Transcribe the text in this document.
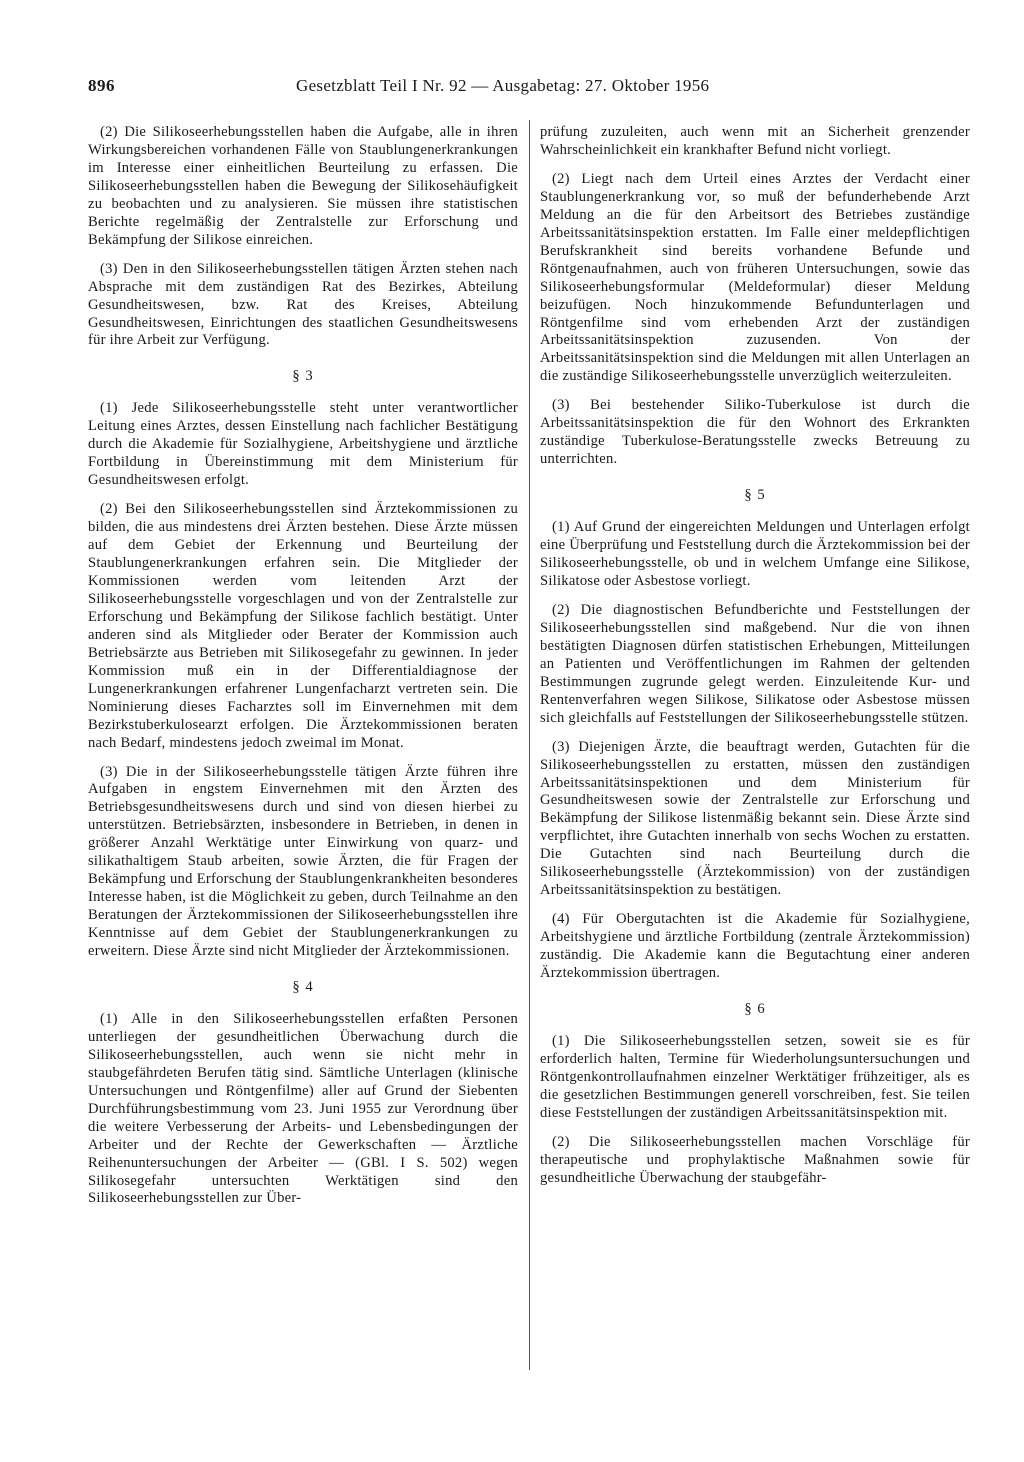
896	Gesetzblatt Teil I Nr. 92 — Ausgabetag: 27. Oktober 1956

(2) Die Silikoseerhebungsstellen haben die Aufgabe, alle in ihren Wirkungsbereichen vorhandenen Fälle von Staublungenerkrankungen im Interesse einer einheitlichen Beurteilung zu erfassen. Die Silikoseerhebungsstellen haben die Bewegung der Silikosehäufigkeit zu beobachten und zu analysieren. Sie müssen ihre statistischen Berichte regelmäßig der Zentralstelle zur Erforschung und Bekämpfung der Silikose einreichen.

(3) Den in den Silikoseerhebungsstellen tätigen Ärzten stehen nach Absprache mit dem zuständigen Rat des Bezirkes, Abteilung Gesundheitswesen, bzw. Rat des Kreises, Abteilung Gesundheitswesen, Einrichtungen des staatlichen Gesundheitswesens für ihre Arbeit zur Verfügung.

§ 3

(1) Jede Silikoseerhebungsstelle steht unter verantwortlicher Leitung eines Arztes, dessen Einstellung nach fachlicher Bestätigung durch die Akademie für Sozialhygiene, Arbeitshygiene und ärztliche Fortbildung in Übereinstimmung mit dem Ministerium für Gesundheitswesen erfolgt.

(2) Bei den Silikoseerhebungsstellen sind Ärztekommissionen zu bilden, die aus mindestens drei Ärzten bestehen. Diese Ärzte müssen auf dem Gebiet der Erkennung und Beurteilung der Staublungenerkrankungen erfahren sein. Die Mitglieder der Kommissionen werden vom leitenden Arzt der Silikoseerhebungsstelle vorgeschlagen und von der Zentralstelle zur Erforschung und Bekämpfung der Silikose fachlich bestätigt. Unter anderen sind als Mitglieder oder Berater der Kommission auch Betriebsärzte aus Betrieben mit Silikosegefahr zu gewinnen. In jeder Kommission muß ein in der Differentialdiagnose der Lungenerkrankungen erfahrener Lungenfacharzt vertreten sein. Die Nominierung dieses Facharztes soll im Einvernehmen mit dem Bezirkstuberkulosearzt erfolgen. Die Ärztekommissionen beraten nach Bedarf, mindestens jedoch zweimal im Monat.

(3) Die in der Silikoseerhebungsstelle tätigen Ärzte führen ihre Aufgaben in engstem Einvernehmen mit den Ärzten des Betriebsgesundheitswesens durch und sind von diesen hierbei zu unterstützen. Betriebsärzten, insbesondere in Betrieben, in denen in größerer Anzahl Werktätige unter Einwirkung von quarz- und silikathaltigem Staub arbeiten, sowie Ärzten, die für Fragen der Bekämpfung und Erforschung der Staublungenkrankheiten besonderes Interesse haben, ist die Möglichkeit zu geben, durch Teilnahme an den Beratungen der Ärztekommissionen der Silikoseerhebungsstellen ihre Kenntnisse auf dem Gebiet der Staublungenerkrankungen zu erweitern. Diese Ärzte sind nicht Mitglieder der Ärztekommissionen.

§ 4

(1) Alle in den Silikoseerhebungsstellen erfaßten Personen unterliegen der gesundheitlichen Überwachung durch die Silikoseerhebungsstellen, auch wenn sie nicht mehr in staubgefährdeten Berufen tätig sind. Sämtliche Unterlagen (klinische Untersuchungen und Röntgenfilme) aller auf Grund der Siebenten Durchführungsbestimmung vom 23. Juni 1955 zur Verordnung über die weitere Verbesserung der Arbeits- und Lebensbedingungen der Arbeiter und der Rechte der Gewerkschaften — Ärztliche Reihenuntersuchungen der Arbeiter — (GBl. I S. 502) wegen Silikosegefahr untersuchten Werktätigen sind den Silikoseerhebungsstellen zur Über-

prüfung zuzuleiten, auch wenn mit an Sicherheit grenzender Wahrscheinlichkeit ein krankhafter Befund nicht vorliegt.

(2) Liegt nach dem Urteil eines Arztes der Verdacht einer Staublungenerkrankung vor, so muß der befunderhebende Arzt Meldung an die für den Arbeitsort des Betriebes zuständige Arbeitssanitätsinspektion erstatten. Im Falle einer meldepflichtigen Berufskrankheit sind bereits vorhandene Befunde und Röntgenaufnahmen, auch von früheren Untersuchungen, sowie das Silikoseerhebungsformular (Meldeformular) dieser Meldung beizufügen. Noch hinzukommende Befundunterlagen und Röntgenfilme sind vom erhebenden Arzt der zuständigen Arbeitssanitätsinspektion zuzusenden. Von der Arbeitssanitätsinspektion sind die Meldungen mit allen Unterlagen an die zuständige Silikoseerhebungsstelle unverzüglich weiterzuleiten.

(3) Bei bestehender Siliko-Tuberkulose ist durch die Arbeitssanitätsinspektion die für den Wohnort des Erkrankten zuständige Tuberkulose-Beratungsstelle zwecks Betreuung zu unterrichten.

§ 5

(1) Auf Grund der eingereichten Meldungen und Unterlagen erfolgt eine Überprüfung und Feststellung durch die Ärztekommission bei der Silikoseerhebungsstelle, ob und in welchem Umfange eine Silikose, Silikatose oder Asbestose vorliegt.

(2) Die diagnostischen Befundberichte und Feststellungen der Silikoseerhebungsstellen sind maßgebend. Nur die von ihnen bestätigten Diagnosen dürfen statistischen Erhebungen, Mitteilungen an Patienten und Veröffentlichungen im Rahmen der geltenden Bestimmungen zugrunde gelegt werden. Einzuleitende Kur- und Rentenverfahren wegen Silikose, Silikatose oder Asbestose müssen sich gleichfalls auf Feststellungen der Silikoseerhebungsstelle stützen.

(3) Diejenigen Ärzte, die beauftragt werden, Gutachten für die Silikoseerhebungsstellen zu erstatten, müssen den zuständigen Arbeitssanitätsinspektionen und dem Ministerium für Gesundheitswesen sowie der Zentralstelle zur Erforschung und Bekämpfung der Silikose listenmäßig bekannt sein. Diese Ärzte sind verpflichtet, ihre Gutachten innerhalb von sechs Wochen zu erstatten. Die Gutachten sind nach Beurteilung durch die Silikoseerhebungsstelle (Ärztekommission) von der zuständigen Arbeitssanitätsinspektion zu bestätigen.

(4) Für Obergutachten ist die Akademie für Sozialhygiene, Arbeitshygiene und ärztliche Fortbildung (zentrale Ärztekommission) zuständig. Die Akademie kann die Begutachtung einer anderen Ärztekommission übertragen.

§ 6

(1) Die Silikoseerhebungsstellen setzen, soweit sie es für erforderlich halten, Termine für Wiederholungsuntersuchungen und Röntgenkontrollaufnahmen einzelner Werktätiger frühzeitiger, als es die gesetzlichen Bestimmungen generell vorschreiben, fest. Sie teilen diese Feststellungen der zuständigen Arbeitssanitätsinspektion mit.

(2) Die Silikoseerhebungsstellen machen Vorschläge für therapeutische und prophylaktische Maßnahmen sowie für gesundheitliche Überwachung der staubgefähr-
